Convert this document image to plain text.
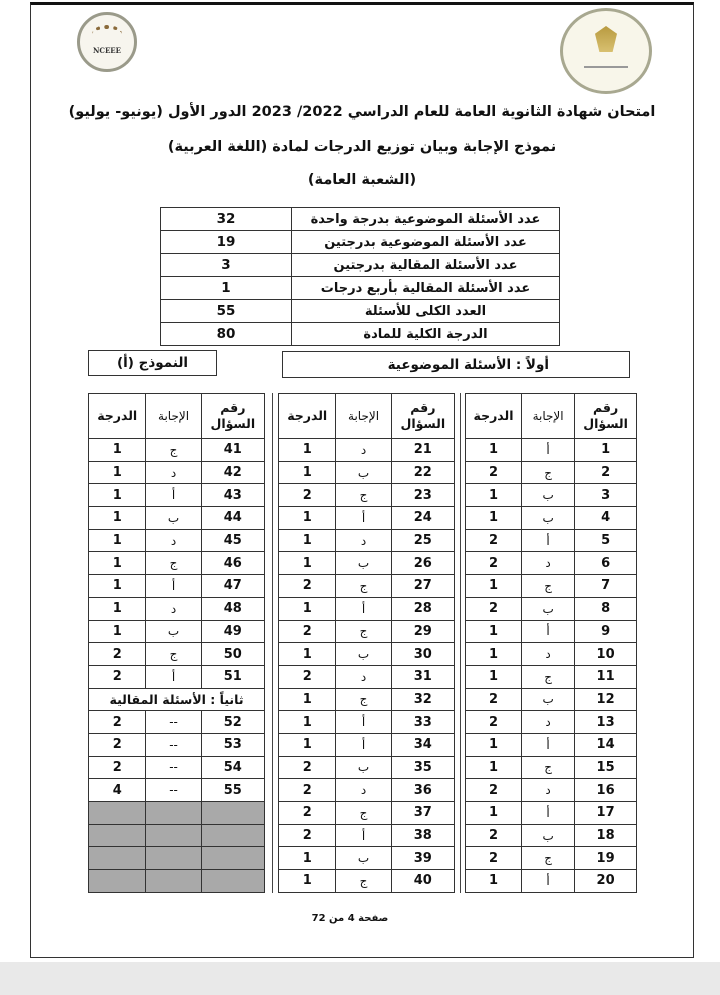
NCEEE
امتحان شهادة الثانوية العامة للعام الدراسي 2022/ 2023 الدور الأول (يونيو- يوليو)
نموذج الإجابة وبيان توزيع الدرجات لمادة (اللغة العربية)
(الشعبة العامة)
عدد الأسئلة الموضوعية بدرجة واحدة	32
عدد الأسئلة الموضوعية بدرجتين	19
عدد الأسئلة المقالية بدرجتين	3
عدد الأسئلة المقالية بأربع درجات	1
العدد الكلى للأسئلة	55
الدرجة الكلية للمادة	80
النموذج (أ)	أولاً : الأسئلة الموضوعية
رقم السؤال	الإجابة	الدرجة
1	أ	1
2	ج	2
3	ب	1
4	ب	1
5	أ	2
6	د	2
7	ج	1
8	ب	2
9	أ	1
10	د	1
11	ج	1
12	ب	2
13	د	2
14	أ	1
15	ج	1
16	د	2
17	أ	1
18	ب	2
19	ج	2
20	أ	1
رقم السؤال	الإجابة	الدرجة
21	د	1
22	ب	1
23	ج	2
24	أ	1
25	د	1
26	ب	1
27	ج	2
28	أ	1
29	ج	2
30	ب	1
31	د	2
32	ج	1
33	أ	1
34	أ	1
35	ب	2
36	د	2
37	ج	2
38	أ	2
39	ب	1
40	ج	1
رقم السؤال	الإجابة	الدرجة
41	ج	1
42	د	1
43	أ	1
44	ب	1
45	د	1
46	ج	1
47	أ	1
48	د	1
49	ب	1
50	ج	2
51	أ	2
ثانياً : الأسئلة المقالية		
52	--	2
53	--	2
54	--	2
55	--	4

صفحة 4 من 72
